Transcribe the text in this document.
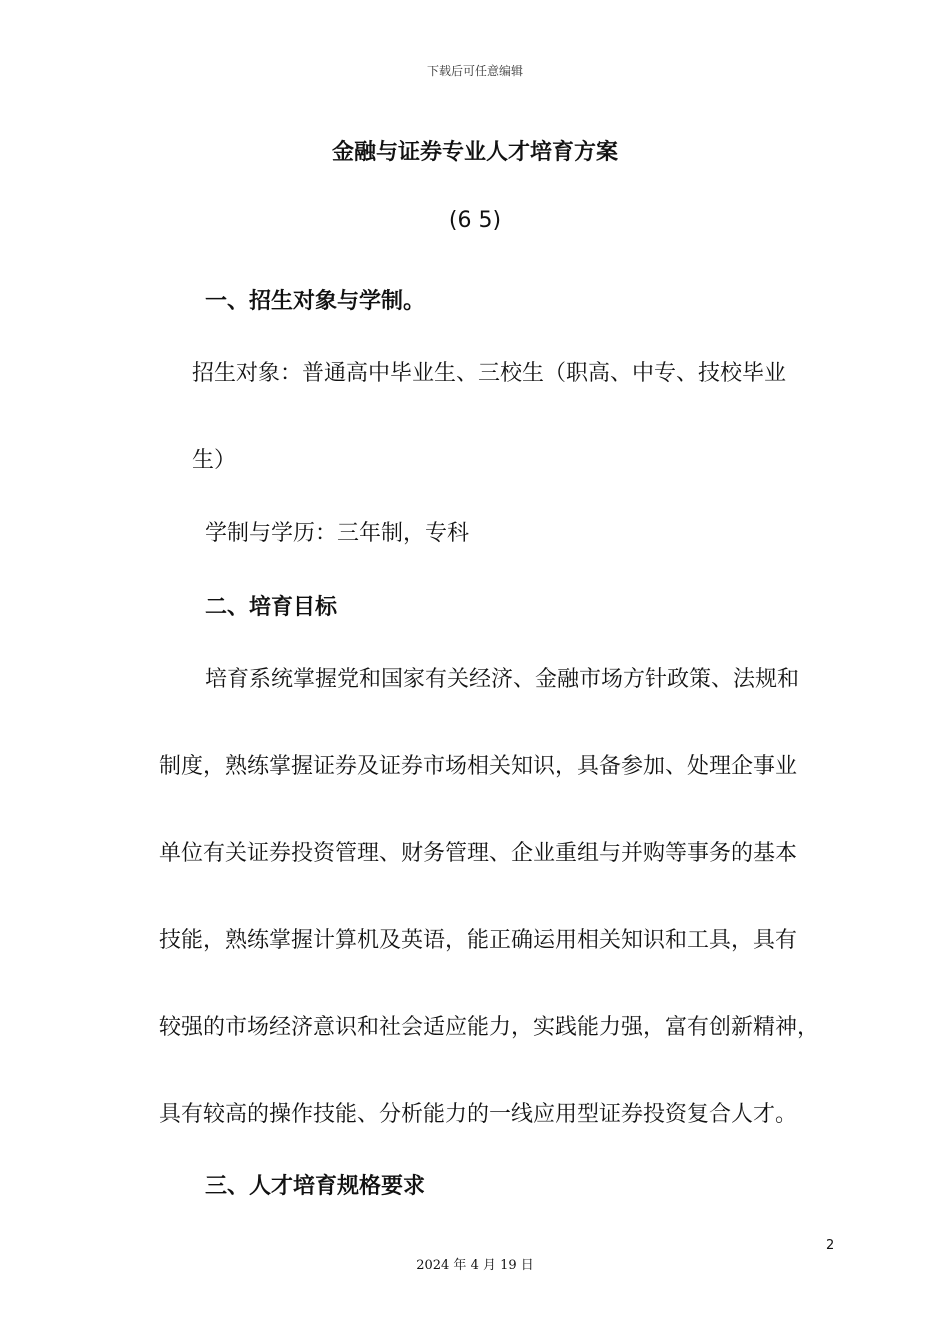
下载后可任意编辑
金融与证券专业人才培育方案
(6 5)
一、招生对象与学制。
招生对象：普通高中毕业生、三校生（职高、中专、技校毕业
生）
学制与学历：三年制，专科
二、培育目标
培育系统掌握党和国家有关经济、金融市场方针政策、法规和
制度，熟练掌握证券及证券市场相关知识，具备参加、处理企事业
单位有关证券投资管理、财务管理、企业重组与并购等事务的基本
技能，熟练掌握计算机及英语，能正确运用相关知识和工具，具有
较强的市场经济意识和社会适应能力，实践能力强，富有创新精神，
具有较高的操作技能、分析能力的一线应用型证券投资复合人才。
三、人才培育规格要求
2
2024 年 4 月 19 日
